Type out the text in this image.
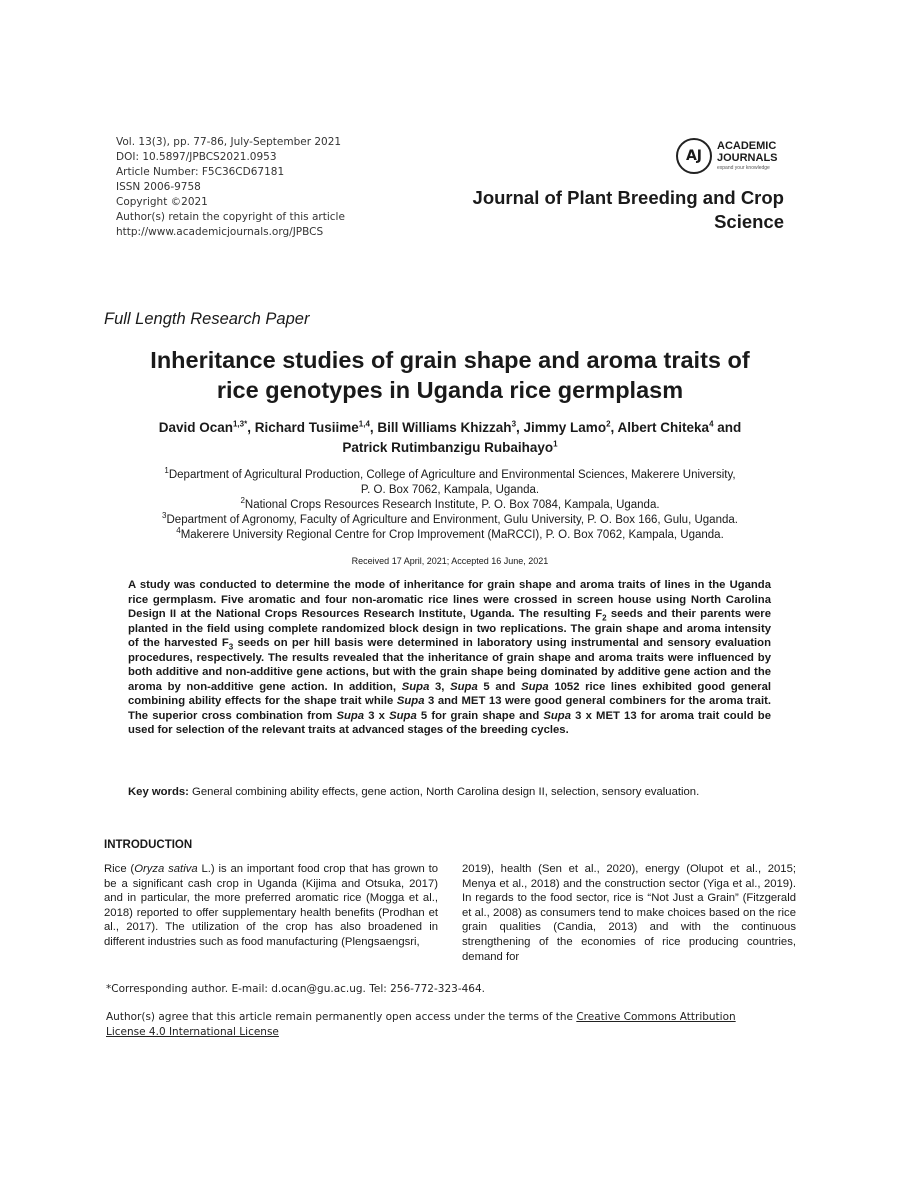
Vol. 13(3), pp. 77-86, July-September 2021
DOI: 10.5897/JPBCS2021.0953
Article Number: F5C36CD67181
ISSN 2006-9758
Copyright ©2021
Author(s) retain the copyright of this article
http://www.academicjournals.org/JPBCS
AJ
ACADEMIC
JOURNALS
expand your knowledge
Journal of Plant Breeding and Crop
Science
Full Length Research Paper
Inheritance studies of grain shape and aroma traits of
rice genotypes in Uganda rice germplasm
David Ocan$^{1,3*}$, Richard Tusiime$^{1,4}$, Bill Williams Khizzah$^3$, Jimmy Lamo$^2$, Albert Chiteka$^4$ and
Patrick Rutimbanzigu Rubaihayo$^1$
$^1$Department of Agricultural Production, College of Agriculture and Environmental Sciences, Makerere University,
P. O. Box 7062, Kampala, Uganda.
$^2$National Crops Resources Research Institute, P. O. Box 7084, Kampala, Uganda.
$^3$Department of Agronomy, Faculty of Agriculture and Environment, Gulu University, P. O. Box 166, Gulu, Uganda.
$^4$Makerere University Regional Centre for Crop Improvement (MaRCCI), P. O. Box 7062, Kampala, Uganda.
Received 17 April, 2021; Accepted 16 June, 2021
A study was conducted to determine the mode of inheritance for grain shape and aroma traits of lines in the Uganda rice germplasm. Five aromatic and four non-aromatic rice lines were crossed in screen house using North Carolina Design II at the National Crops Resources Research Institute, Uganda. The resulting $F_2$ seeds and their parents were planted in the field using complete randomized block design in two replications. The grain shape and aroma intensity of the harvested $F_3$ seeds on per hill basis were determined in laboratory using instrumental and sensory evaluation procedures, respectively. The results revealed that the inheritance of grain shape and aroma traits were influenced by both additive and non-additive gene actions, but with the grain shape being dominated by additive gene action and the aroma by non-additive gene action. In addition, Supa 3, Supa 5 and Supa 1052 rice lines exhibited good general combining ability effects for the shape trait while Supa 3 and MET 13 were good general combiners for the aroma trait. The superior cross combination from Supa 3 x Supa 5 for grain shape and Supa 3 x MET 13 for aroma trait could be used for selection of the relevant traits at advanced stages of the breeding cycles.
Key words: General combining ability effects, gene action, North Carolina design II, selection, sensory evaluation.
INTRODUCTION
Rice (Oryza sativa L.) is an important food crop that has grown to be a significant cash crop in Uganda (Kijima and Otsuka, 2017) and in particular, the more preferred aromatic rice (Mogga et al., 2018) reported to offer supplementary health benefits (Prodhan et al., 2017). The utilization of the crop has also broadened in different industries such as food manufacturing (Plengsaengsri,
2019), health (Sen et al., 2020), energy (Olupot et al., 2015; Menya et al., 2018) and the construction sector (Yiga et al., 2019). In regards to the food sector, rice is “Not Just a Grain” (Fitzgerald et al., 2008) as consumers tend to make choices based on the rice grain qualities (Candia, 2013) and with the continuous strengthening of the economies of rice producing countries, demand for
*Corresponding author. E-mail: d.ocan@gu.ac.ug. Tel: 256-772-323-464.
Author(s) agree that this article remain permanently open access under the terms of the Creative Commons Attribution
License 4.0 International License
